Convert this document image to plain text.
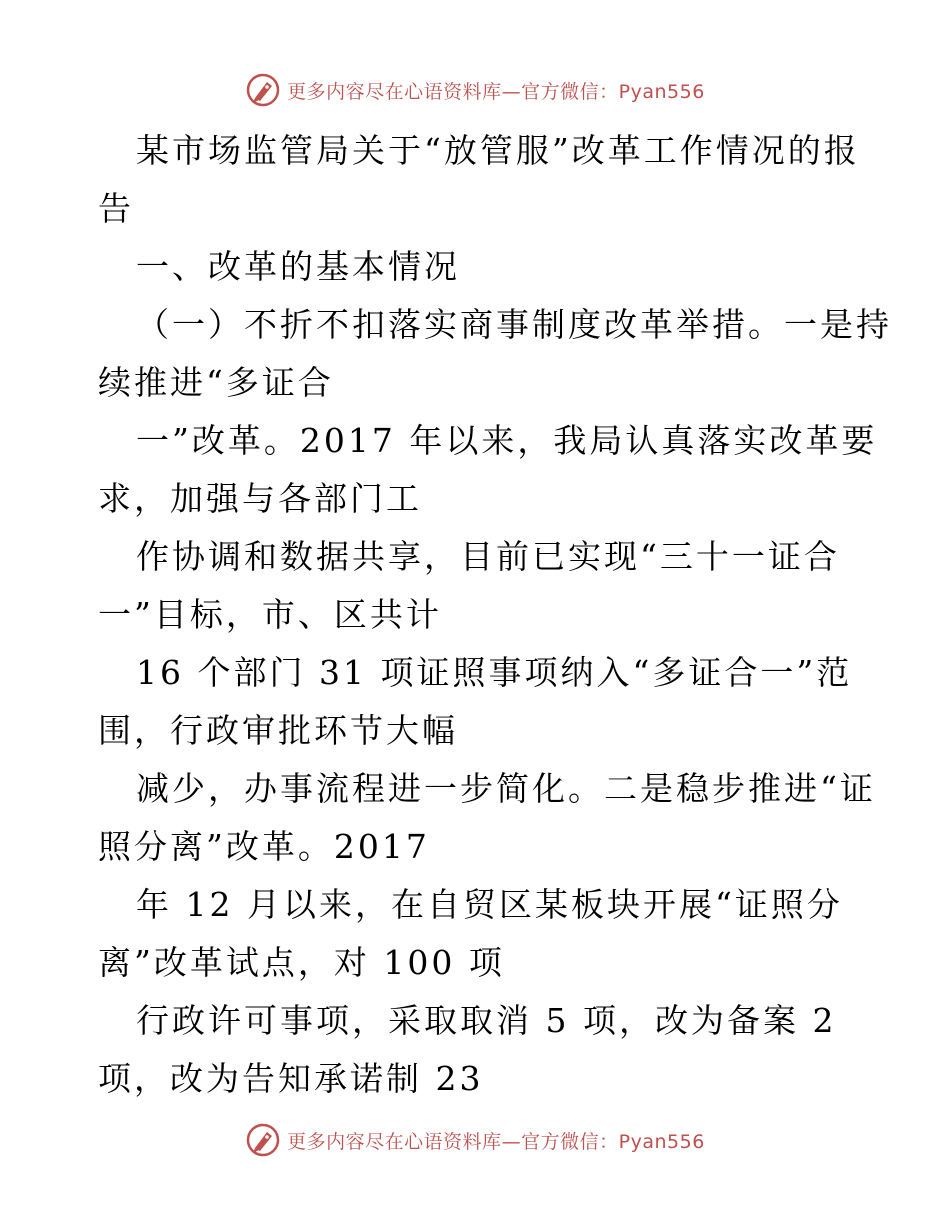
更多内容尽在心语资料库—官方微信：Pyan556
某市场监管局关于“放管服”改革工作情况的报
告
一、改革的基本情况
（一）不折不扣落实商事制度改革举措。一是持
续推进“多证合
一”改革。2017 年以来，我局认真落实改革要
求，加强与各部门工
作协调和数据共享，目前已实现“三十一证合
一”目标，市、区共计
16 个部门 31 项证照事项纳入“多证合一”范
围，行政审批环节大幅
减少，办事流程进一步简化。二是稳步推进“证
照分离”改革。2017
年 12 月以来，在自贸区某板块开展“证照分
离”改革试点，对 100 项
行政许可事项，采取取消 5 项，改为备案 2
项，改为告知承诺制 23
更多内容尽在心语资料库—官方微信：Pyan556
